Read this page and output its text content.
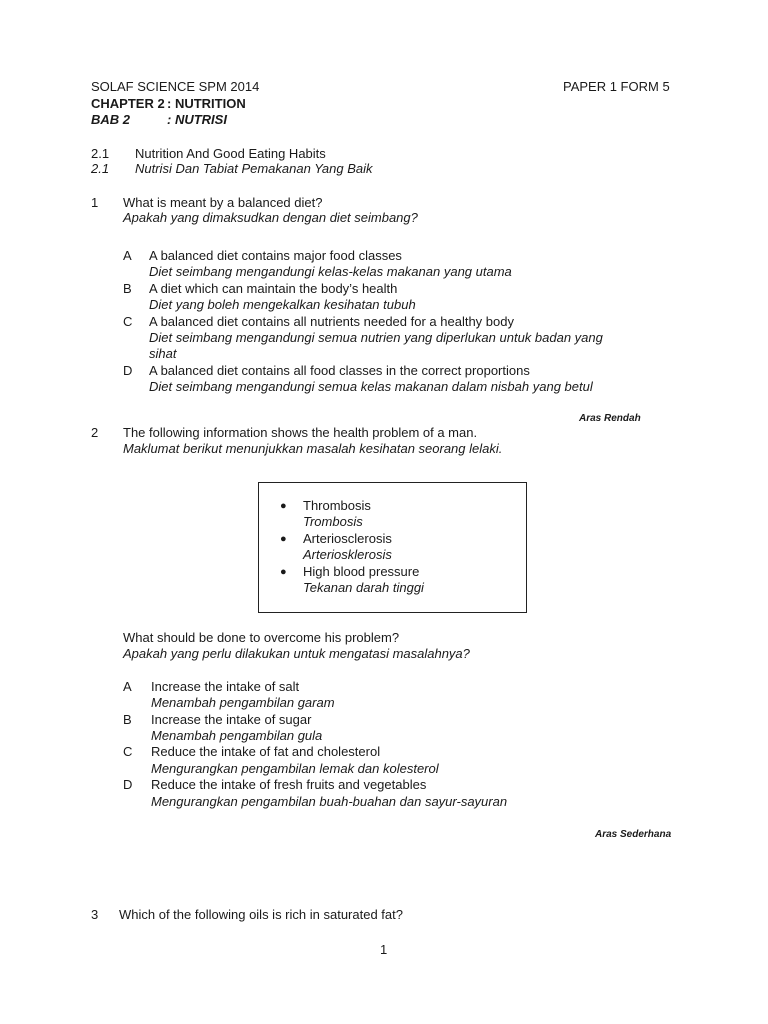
SOLAF SCIENCE SPM 2014	PAPER 1 FORM 5
CHAPTER 2 : NUTRITION
BAB 2	: NUTRISI
2.1 Nutrition And Good Eating Habits
2.1 Nutrisi Dan Tabiat Pemakanan Yang Baik
1 What is meant by a balanced diet?
Apakah yang dimaksudkan dengan diet seimbang?
A A balanced diet contains major food classes
Diet seimbang mengandungi kelas-kelas makanan yang utama
B A diet which can maintain the body’s health
Diet yang boleh mengekalkan kesihatan tubuh
C A balanced diet contains all nutrients needed for a healthy body
Diet seimbang mengandungi semua nutrien yang diperlukan untuk badan yang
sihat
D A balanced diet contains all food classes in the correct proportions
Diet seimbang mengandungi semua kelas makanan dalam nisbah yang betul
Aras Rendah
2 The following information shows the health problem of a man.
Maklumat berikut menunjukkan masalah kesihatan seorang lelaki.
● Thrombosis
Trombosis
● Arteriosclerosis
Arteriosklerosis
● High blood pressure
Tekanan darah tinggi
What should be done to overcome his problem?
Apakah yang perlu dilakukan untuk mengatasi masalahnya?
A Increase the intake of salt
Menambah pengambilan garam
B Increase the intake of sugar
Menambah pengambilan gula
C Reduce the intake of fat and cholesterol
Mengurangkan pengambilan lemak dan kolesterol
D Reduce the intake of fresh fruits and vegetables
Mengurangkan pengambilan buah-buahan dan sayur-sayuran
Aras Sederhana
3 Which of the following oils is rich in saturated fat?
1
